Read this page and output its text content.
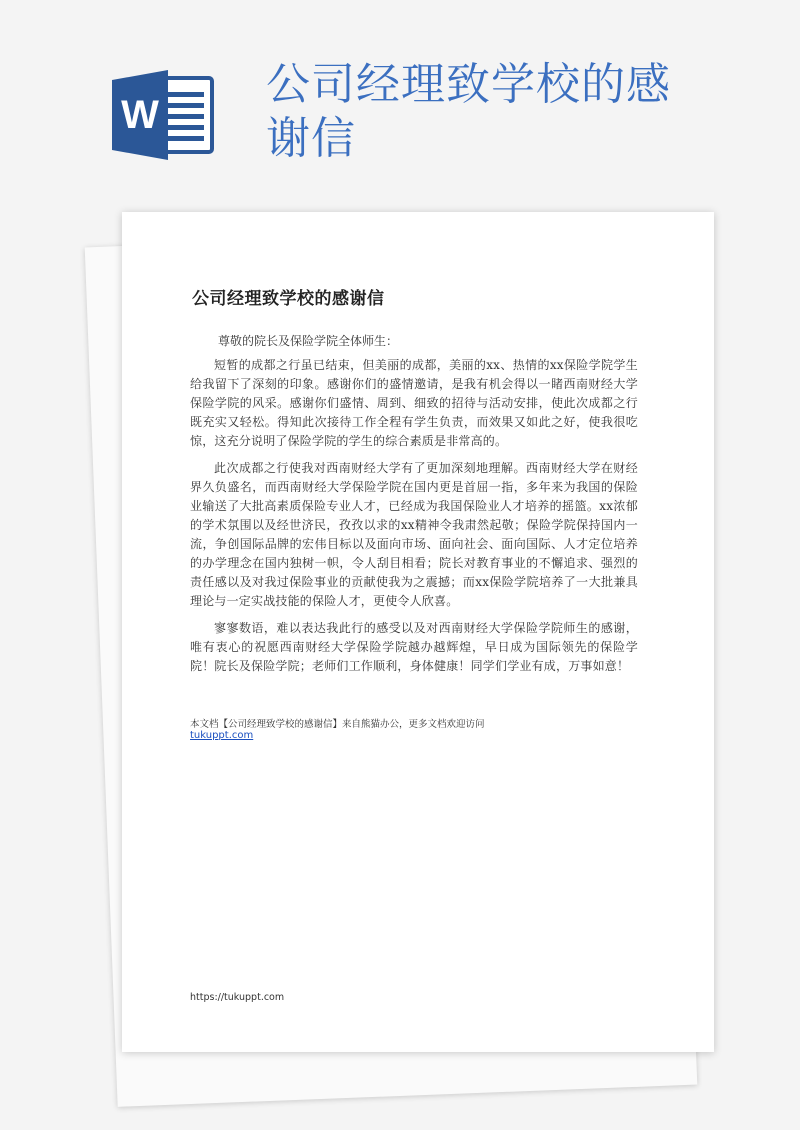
W
公司经理致学校的感谢信
公司经理致学校的感谢信

尊敬的院长及保险学院全体师生：

短暂的成都之行虽已结束，但美丽的成都，美丽的xx、热情的xx保险学院学生给我留下了深刻的印象。感谢你们的盛情邀请，是我有机会得以一睹西南财经大学保险学院的风采。感谢你们盛情、周到、细致的招待与活动安排，使此次成都之行既充实又轻松。得知此次接待工作全程有学生负责，而效果又如此之好，使我很吃惊，这充分说明了保险学院的学生的综合素质是非常高的。

此次成都之行使我对西南财经大学有了更加深刻地理解。西南财经大学在财经界久负盛名，而西南财经大学保险学院在国内更是首屈一指，多年来为我国的保险业输送了大批高素质保险专业人才，已经成为我国保险业人才培养的摇篮。xx浓郁的学术氛围以及经世济民，孜孜以求的xx精神令我肃然起敬；保险学院保持国内一流，争创国际品牌的宏伟目标以及面向市场、面向社会、面向国际、人才定位培养的办学理念在国内独树一帜，令人刮目相看；院长对教育事业的不懈追求、强烈的责任感以及对我过保险事业的贡献使我为之震撼；而xx保险学院培养了一大批兼具理论与一定实战技能的保险人才，更使令人欣喜。

寥寥数语，难以表达我此行的感受以及对西南财经大学保险学院师生的感谢，唯有衷心的祝愿西南财经大学保险学院越办越辉煌，早日成为国际领先的保险学院！院长及保险学院；老师们工作顺利，身体健康！同学们学业有成，万事如意！

本文档【公司经理致学校的感谢信】来自熊猫办公，更多文档欢迎访问

tukuppt.com
https://tukuppt.com
